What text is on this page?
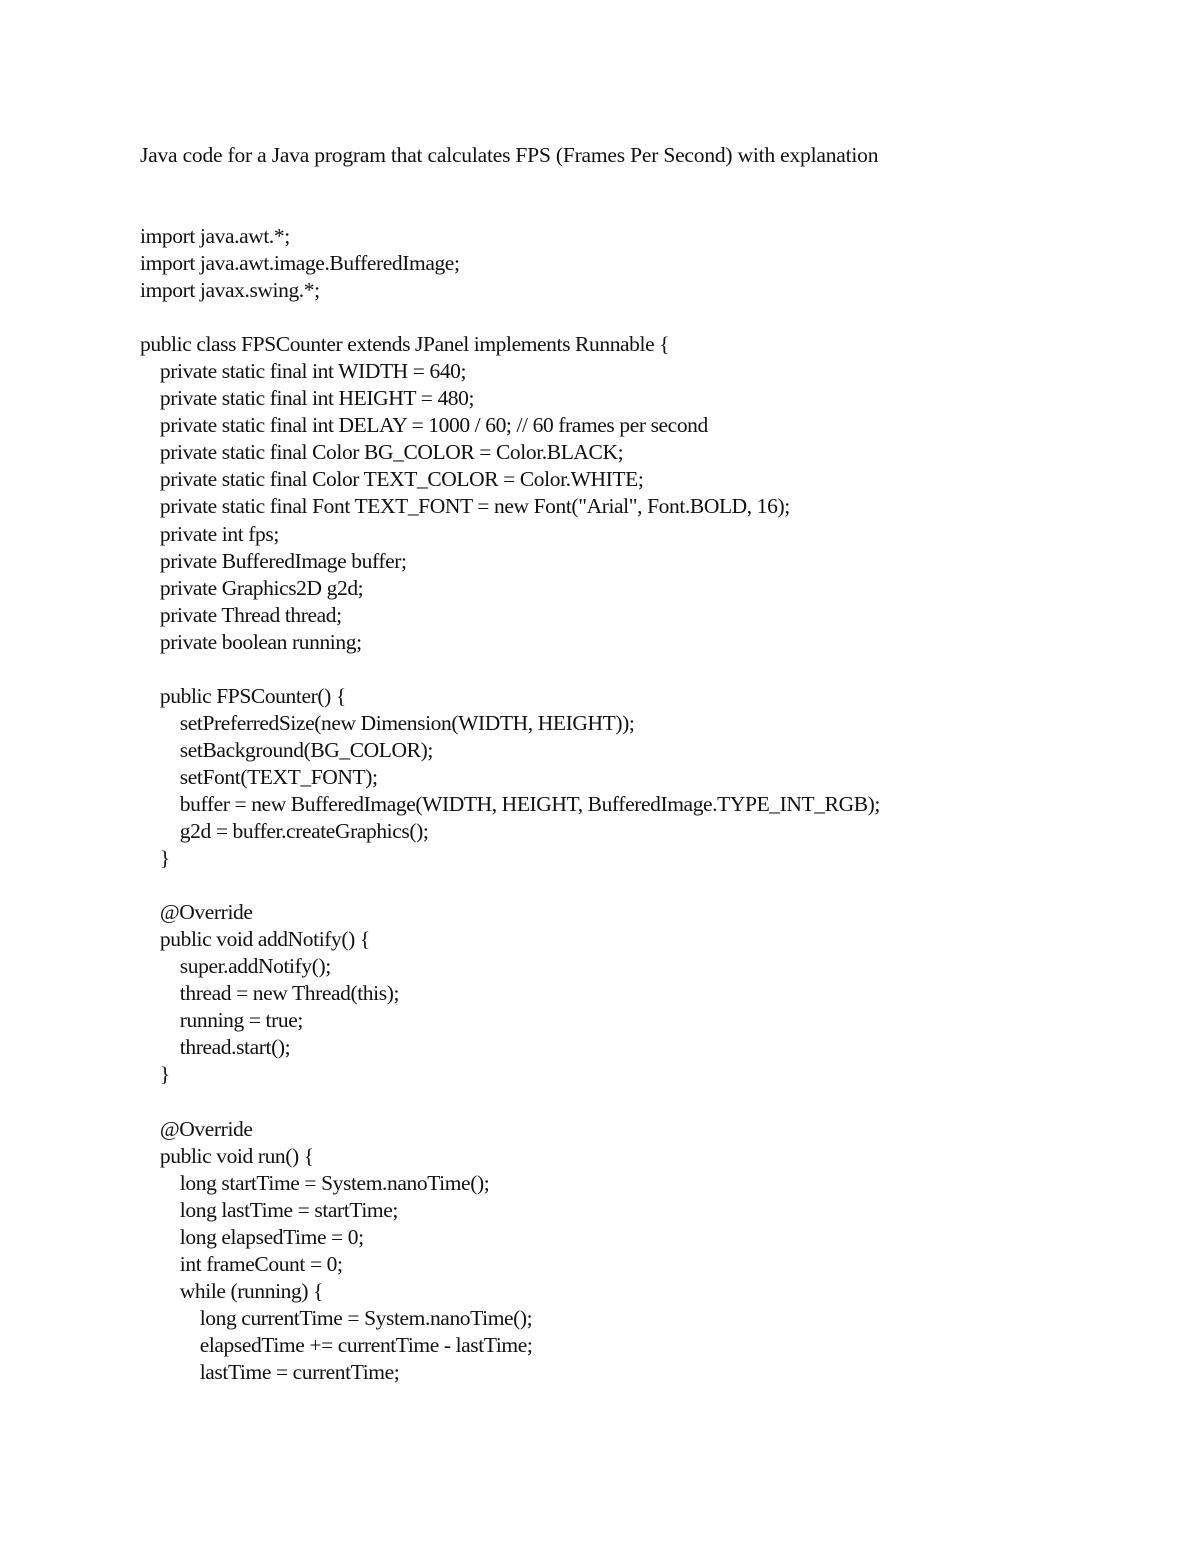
Java code for a Java program that calculates FPS (Frames Per Second) with explanation
import java.awt.*;
import java.awt.image.BufferedImage;
import javax.swing.*;
public class FPSCounter extends JPanel implements Runnable {
private static final int WIDTH = 640;
private static final int HEIGHT = 480;
private static final int DELAY = 1000 / 60; // 60 frames per second
private static final Color BG_COLOR = Color.BLACK;
private static final Color TEXT_COLOR = Color.WHITE;
private static final Font TEXT_FONT = new Font("Arial", Font.BOLD, 16);
private int fps;
private BufferedImage buffer;
private Graphics2D g2d;
private Thread thread;
private boolean running;
public FPSCounter() {
setPreferredSize(new Dimension(WIDTH, HEIGHT));
setBackground(BG_COLOR);
setFont(TEXT_FONT);
buffer = new BufferedImage(WIDTH, HEIGHT, BufferedImage.TYPE_INT_RGB);
g2d = buffer.createGraphics();
}
@Override
public void addNotify() {
super.addNotify();
thread = new Thread(this);
running = true;
thread.start();
}
@Override
public void run() {
long startTime = System.nanoTime();
long lastTime = startTime;
long elapsedTime = 0;
int frameCount = 0;
while (running) {
long currentTime = System.nanoTime();
elapsedTime += currentTime - lastTime;
lastTime = currentTime;
